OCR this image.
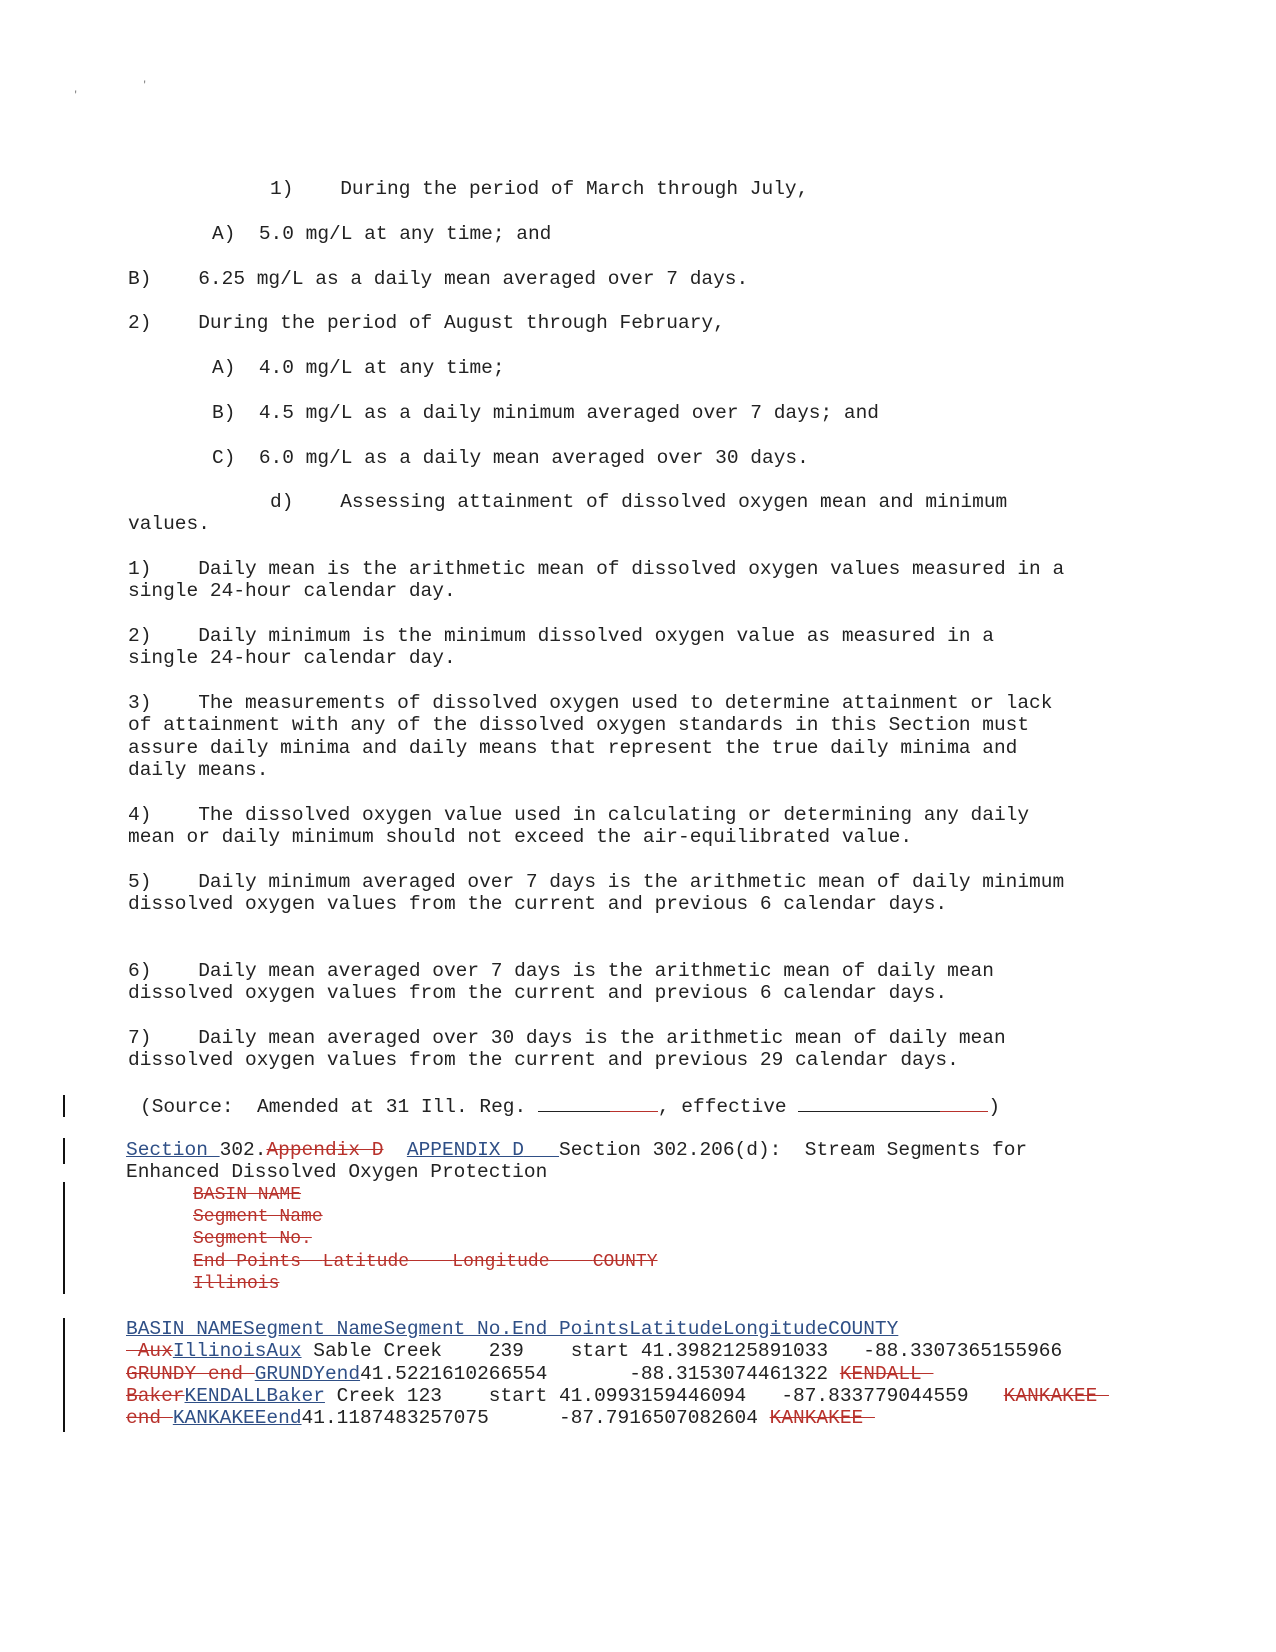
'
'
1) During the period of March through July,
A) 5.0 mg/L at any time; and
B) 6.25 mg/L as a daily mean averaged over 7 days.
2) During the period of August through February,
A) 4.0 mg/L at any time;
B) 4.5 mg/L as a daily minimum averaged over 7 days; and
C) 6.0 mg/L as a daily mean averaged over 30 days.
d) Assessing attainment of dissolved oxygen mean and minimum
values.
1) Daily mean is the arithmetic mean of dissolved oxygen values measured in a
single 24-hour calendar day.
2) Daily minimum is the minimum dissolved oxygen value as measured in a
single 24-hour calendar day.
3) The measurements of dissolved oxygen used to determine attainment or lack
of attainment with any of the dissolved oxygen standards in this Section must
assure daily minima and daily means that represent the true daily minima and
daily means.
4) The dissolved oxygen value used in calculating or determining any daily
mean or daily minimum should not exceed the air-equilibrated value.
5) Daily minimum averaged over 7 days is the arithmetic mean of daily minimum
dissolved oxygen values from the current and previous 6 calendar days.
6) Daily mean averaged over 7 days is the arithmetic mean of daily mean
dissolved oxygen values from the current and previous 6 calendar days.
7) Daily mean averaged over 30 days is the arithmetic mean of daily mean
dissolved oxygen values from the current and previous 29 calendar days.
(Source: Amended at 31 Ill. Reg.	, effective	)
Section 302.Appendix D APPENDIX D Section 302.206(d):  Stream Segments for
Enhanced Dissolved Oxygen Protection
BASIN NAME
Segment Name
Segment No.
End Points Latitude Longitude COUNTY
Illinois
BASIN NAMESegment NameSegment No.End PointsLatitudeLongitudeCOUNTY
AuxIllinoisAux Sable Creek    239    start 41.3982125891033   -88.3307365155966
GRUNDY end GRUNDYend41.5221610266554       -88.3153074461322 KENDALL
BakerKENDALLBaker Creek 123    start 41.0993159446094   -87.833779044559   KANKAKEE
end KANKAKEEend41.1187483257075      -87.7916507082604 KANKAKEE
